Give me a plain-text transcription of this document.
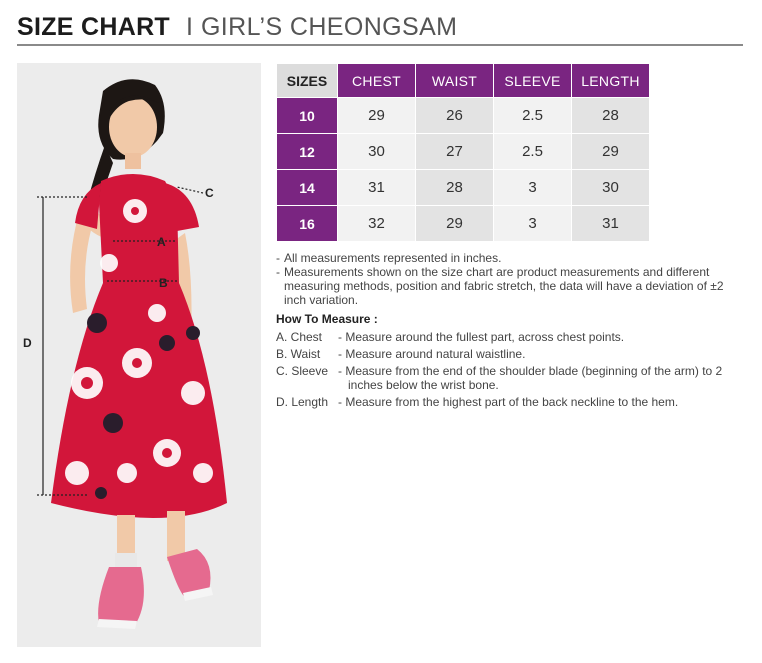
SIZE CHART I GIRL’S CHEONGSAM
A
B
C
D
SIZES	CHEST	WAIST	SLEEVE	LENGTH
10	29	26	2.5	28
12	30	27	2.5	29
14	31	28	3	30
16	32	29	3	31
- All measurements represented in inches.
- Measurements shown on the size chart are product measurements and different measuring methods, position and fabric stretch, the data will have a deviation of ±2 inch variation.
How To Measure :
A. Chest	- Measure around the fullest part, across chest points.
B. Waist	- Measure around natural waistline.
C. Sleeve - Measure from the end of the shoulder blade (beginning of the arm) to 2 inches below the wrist bone.
D. Length - Measure from the highest part of the back neckline to the hem.
